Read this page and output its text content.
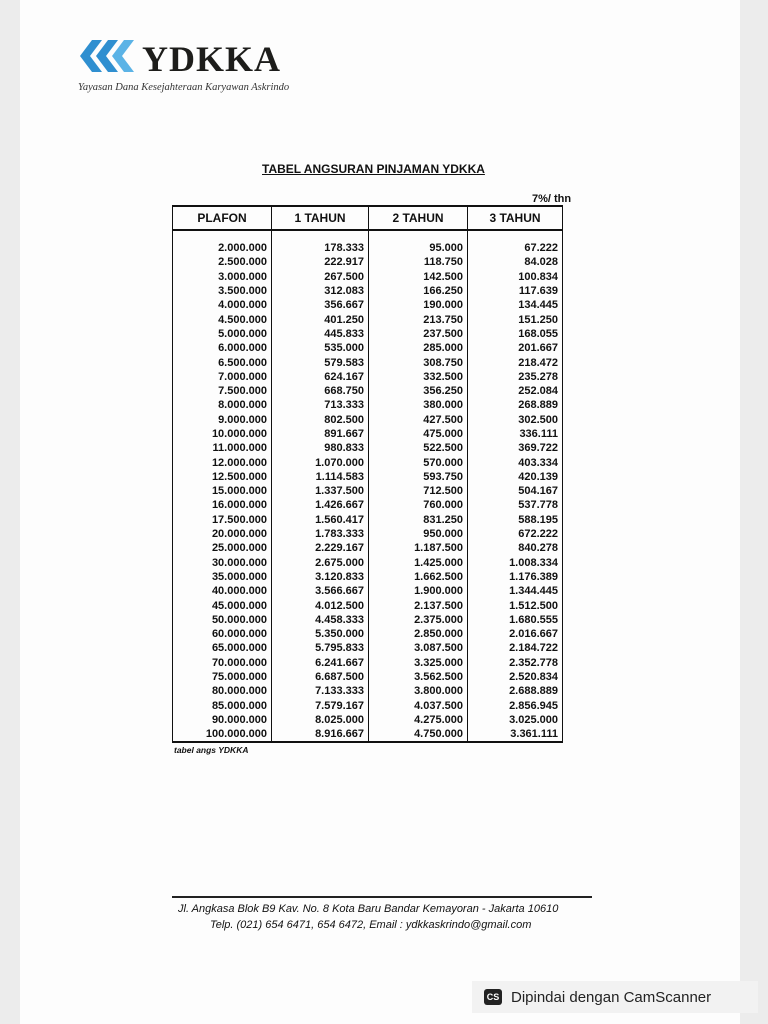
YDKKA
Yayasan Dana Kesejahteraan Karyawan Askrindo
TABEL ANGSURAN PINJAMAN YDKKA
7%/ thn
PLAFON	1 TAHUN	2 TAHUN	3 TAHUN

2.000.000	178.333	95.000	67.222
2.500.000	222.917	118.750	84.028
3.000.000	267.500	142.500	100.834
3.500.000	312.083	166.250	117.639
4.000.000	356.667	190.000	134.445
4.500.000	401.250	213.750	151.250
5.000.000	445.833	237.500	168.055
6.000.000	535.000	285.000	201.667
6.500.000	579.583	308.750	218.472
7.000.000	624.167	332.500	235.278
7.500.000	668.750	356.250	252.084
8.000.000	713.333	380.000	268.889
9.000.000	802.500	427.500	302.500
10.000.000	891.667	475.000	336.111
11.000.000	980.833	522.500	369.722
12.000.000	1.070.000	570.000	403.334
12.500.000	1.114.583	593.750	420.139
15.000.000	1.337.500	712.500	504.167
16.000.000	1.426.667	760.000	537.778
17.500.000	1.560.417	831.250	588.195
20.000.000	1.783.333	950.000	672.222
25.000.000	2.229.167	1.187.500	840.278
30.000.000	2.675.000	1.425.000	1.008.334
35.000.000	3.120.833	1.662.500	1.176.389
40.000.000	3.566.667	1.900.000	1.344.445
45.000.000	4.012.500	2.137.500	1.512.500
50.000.000	4.458.333	2.375.000	1.680.555
60.000.000	5.350.000	2.850.000	2.016.667
65.000.000	5.795.833	3.087.500	2.184.722
70.000.000	6.241.667	3.325.000	2.352.778
75.000.000	6.687.500	3.562.500	2.520.834
80.000.000	7.133.333	3.800.000	2.688.889
85.000.000	7.579.167	4.037.500	2.856.945
90.000.000	8.025.000	4.275.000	3.025.000
100.000.000	8.916.667	4.750.000	3.361.111
tabel angs YDKKA
Jl. Angkasa Blok B9 Kav. No. 8 Kota Baru Bandar Kemayoran - Jakarta 10610
Telp. (021) 654 6471, 654 6472, Email : ydkkaskrindo@gmail.com
CS Dipindai dengan CamScanner
